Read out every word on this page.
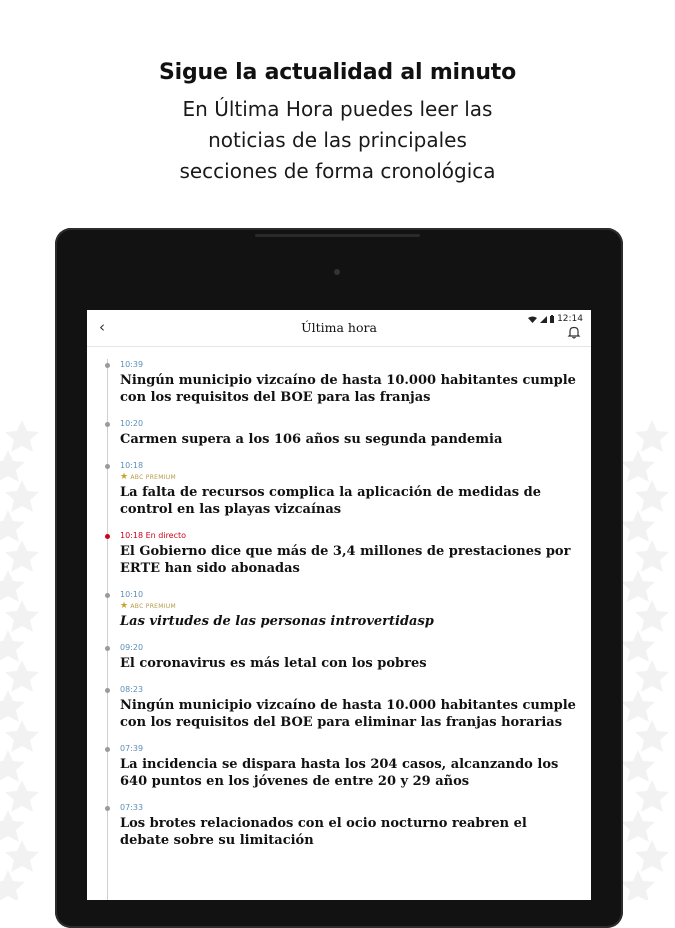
Sigue la actualidad al minuto
En Última Hora puedes leer las
noticias de las principales
secciones de forma cronológica
‹	Última hora
12:14
10:39
Ningún municipio vizcaíno de hasta 10.000 habitantes cumple con los requisitos del BOE para las franjas
10:20
Carmen supera a los 106 años su segunda pandemia
10:18
★ ABC PREMIUM
La falta de recursos complica la aplicación de medidas de control en las playas vizcaínas
10:18 En directo
El Gobierno dice que más de 3,4 millones de prestaciones por ERTE han sido abonadas
10:10
★ ABC PREMIUM
Las virtudes de las personas introvertidasp
09:20
El coronavirus es más letal con los pobres
08:23
Ningún municipio vizcaíno de hasta 10.000 habitantes cumple con los requisitos del BOE para eliminar las franjas horarias
07:39
La incidencia se dispara hasta los 204 casos, alcanzando los 640 puntos en los jóvenes de entre 20 y 29 años
07:33
Los brotes relacionados con el ocio nocturno reabren el debate sobre su limitación
